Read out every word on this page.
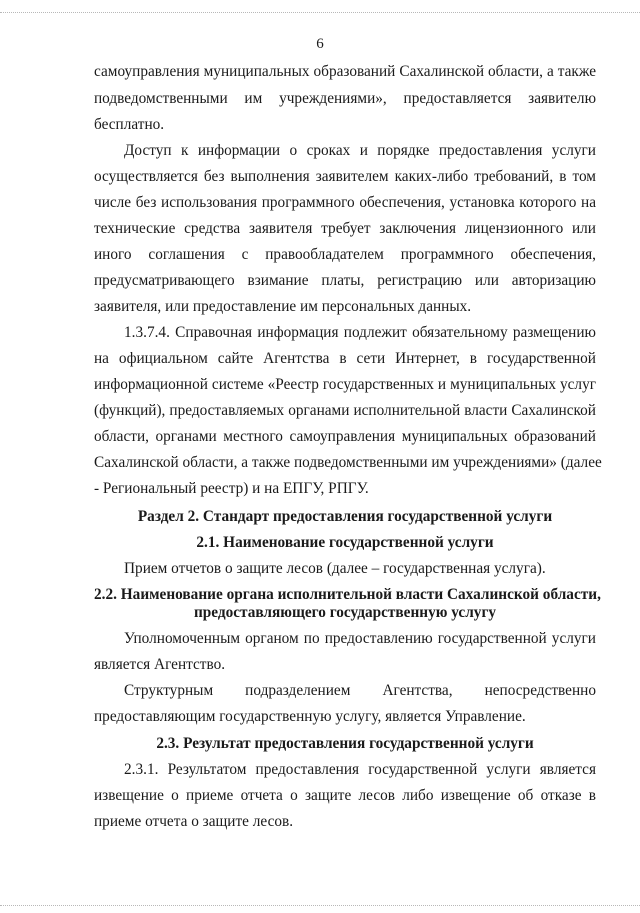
6
самоуправления муниципальных образований Сахалинской области, а также
подведомственными им учреждениями», предоставляется заявителю
бесплатно.
Доступ к информации о сроках и порядке предоставления услуги
осуществляется без выполнения заявителем каких-либо требований, в том
числе без использования программного обеспечения, установка которого на
технические средства заявителя требует заключения лицензионного или
иного соглашения с правообладателем программного обеспечения,
предусматривающего взимание платы, регистрацию или авторизацию
заявителя, или предоставление им персональных данных.
1.3.7.4. Справочная информация подлежит обязательному размещению
на официальном сайте Агентства в сети Интернет, в государственной
информационной системе «Реестр государственных и муниципальных услуг
(функций), предоставляемых органами исполнительной власти Сахалинской
области, органами местного самоуправления муниципальных образований
Сахалинской области, а также подведомственными им учреждениями» (далее
- Региональный реестр) и на ЕПГУ, РПГУ.
Раздел 2. Стандарт предоставления государственной услуги
2.1. Наименование государственной услуги
Прием отчетов о защите лесов (далее – государственная услуга).
2.2. Наименование органа исполнительной власти Сахалинской области,
предоставляющего государственную услугу
Уполномоченным органом по предоставлению государственной услуги
является Агентство.
Структурным подразделением Агентства, непосредственно
предоставляющим государственную услугу, является Управление.
2.3. Результат предоставления государственной услуги
2.3.1. Результатом предоставления государственной услуги является
извещение о приеме отчета о защите лесов либо извещение об отказе в
приеме отчета о защите лесов.
